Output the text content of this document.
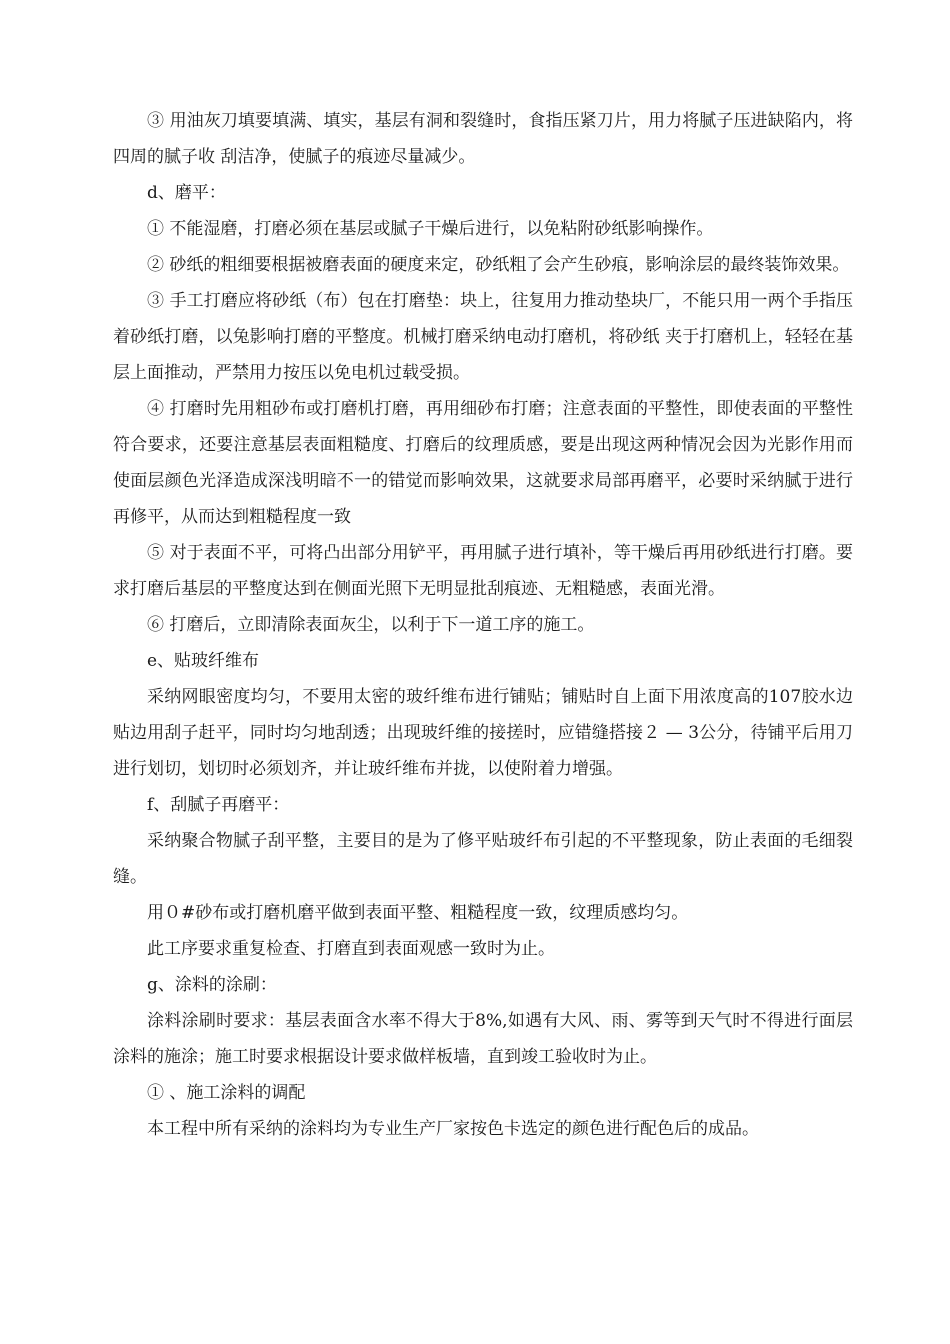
③ 用油灰刀填要填满、填实，基层有洞和裂缝时，食指压紧刀片，用力将腻子压进缺陷内，将四周的腻子收 刮洁净，使腻子的痕迹尽量减少。

d、磨平：

① 不能湿磨，打磨必须在基层或腻子干燥后进行，以免粘附砂纸影响操作。

② 砂纸的粗细要根据被磨表面的硬度来定，砂纸粗了会产生砂痕，影响涂层的最终装饰效果。

③ 手工打磨应将砂纸（布）包在打磨垫：块上，往复用力推动垫块厂，不能只用一两个手指压着砂纸打磨，以兔影响打磨的平整度。机械打磨采纳电动打磨机，将砂纸 夹于打磨机上，轻轻在基层上面推动，严禁用力按压以免电机过载受损。

④ 打磨时先用粗砂布或打磨机打磨，再用细砂布打磨；注意表面的平整性，即使表面的平整性符合要求，还要注意基层表面粗糙度、打磨后的纹理质感，要是出现这两种情况会因为光影作用而使面层颜色光泽造成深浅明暗不一的错觉而影响效果，这就要求局部再磨平，必要时采纳腻于进行再修平，从而达到粗糙程度一致

⑤ 对于表面不平，可将凸出部分用铲平，再用腻子进行填补，等干燥后再用砂纸进行打磨。要求打磨后基层的平整度达到在侧面光照下无明显批刮痕迹、无粗糙感，表面光滑。

⑥ 打磨后，立即清除表面灰尘，以利于下一道工序的施工。

e、贴玻纤维布

采纳网眼密度均匀，不要用太密的玻纤维布进行铺贴；铺贴时自上面下用浓度高的107胶水边贴边用刮子赶平，同时均匀地刮透；出现玻纤维的接搓时，应错缝搭接２ — 3公分，待铺平后用刀进行划切，划切时必须划齐，并让玻纤维布并拢，以使附着力增强。

f、刮腻子再磨平：

采纳聚合物腻子刮平整，主要目的是为了修平贴玻纤布引起的不平整现象，防止表面的毛细裂缝。

用０#砂布或打磨机磨平做到表面平整、粗糙程度一致，纹理质感均匀。

此工序要求重复检查、打磨直到表面观感一致时为止。

g、涂料的涂刷：

涂料涂刷时要求：基层表面含水率不得大于8%,如遇有大风、雨、雾等到天气时不得进行面层涂料的施涂；施工时要求根据设计要求做样板墙，直到竣工验收时为止。

① 、施工涂料的调配

本工程中所有采纳的涂料均为专业生产厂家按色卡选定的颜色进行配色后的成品。
